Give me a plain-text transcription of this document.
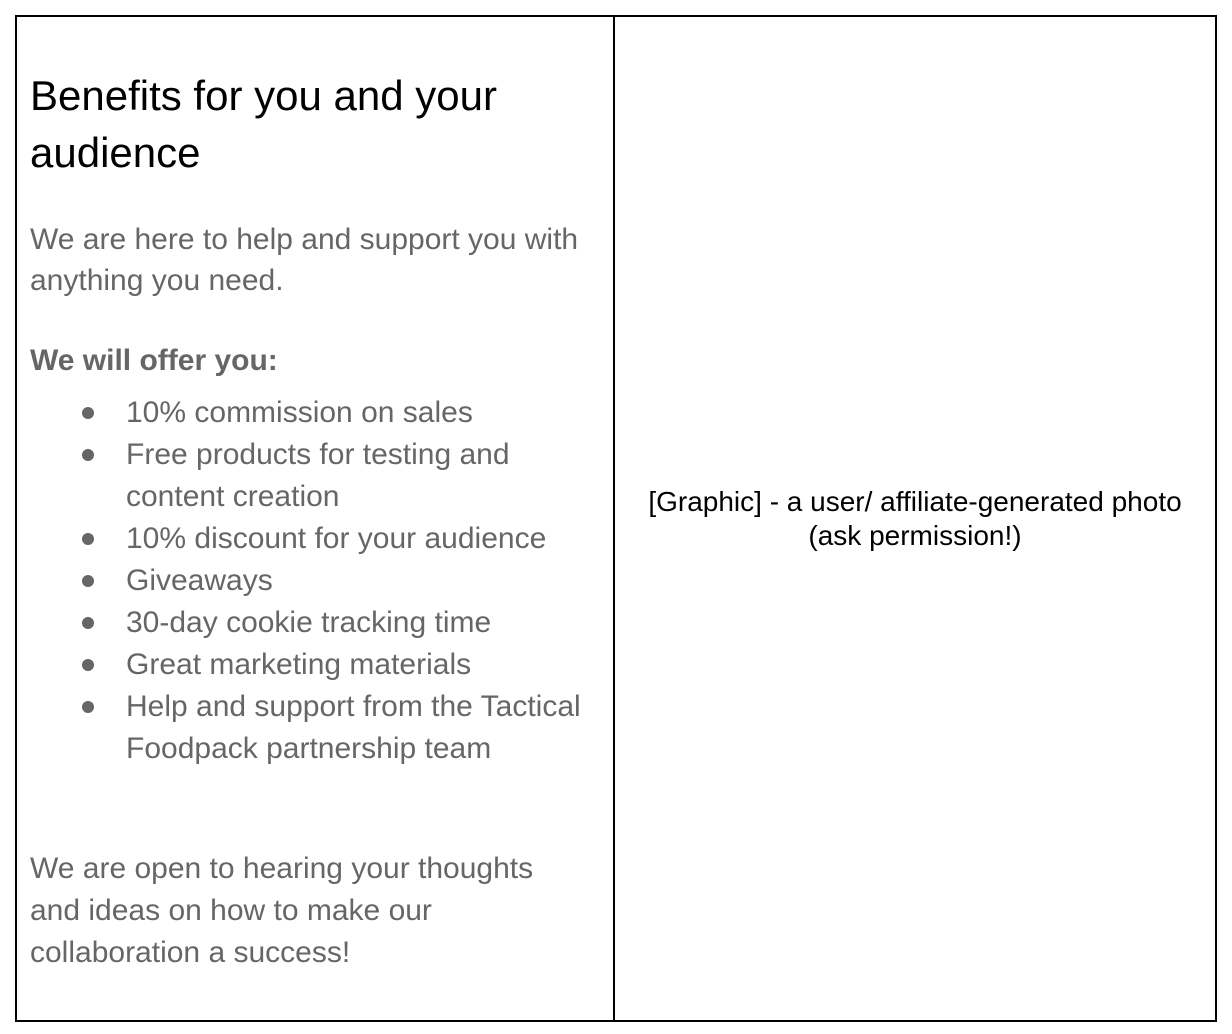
Benefits for you and your audience

We are here to help and support you with anything you need.

We will offer you:

10% commission on sales
Free products for testing and content creation
10% discount for your audience
Giveaways
30-day cookie tracking time
Great marketing materials
Help and support from the Tactical Foodpack partnership team

We are open to hearing your thoughts and ideas on how to make our collaboration a success!

[Graphic] - a user/ affiliate-generated photo
(ask permission!)
